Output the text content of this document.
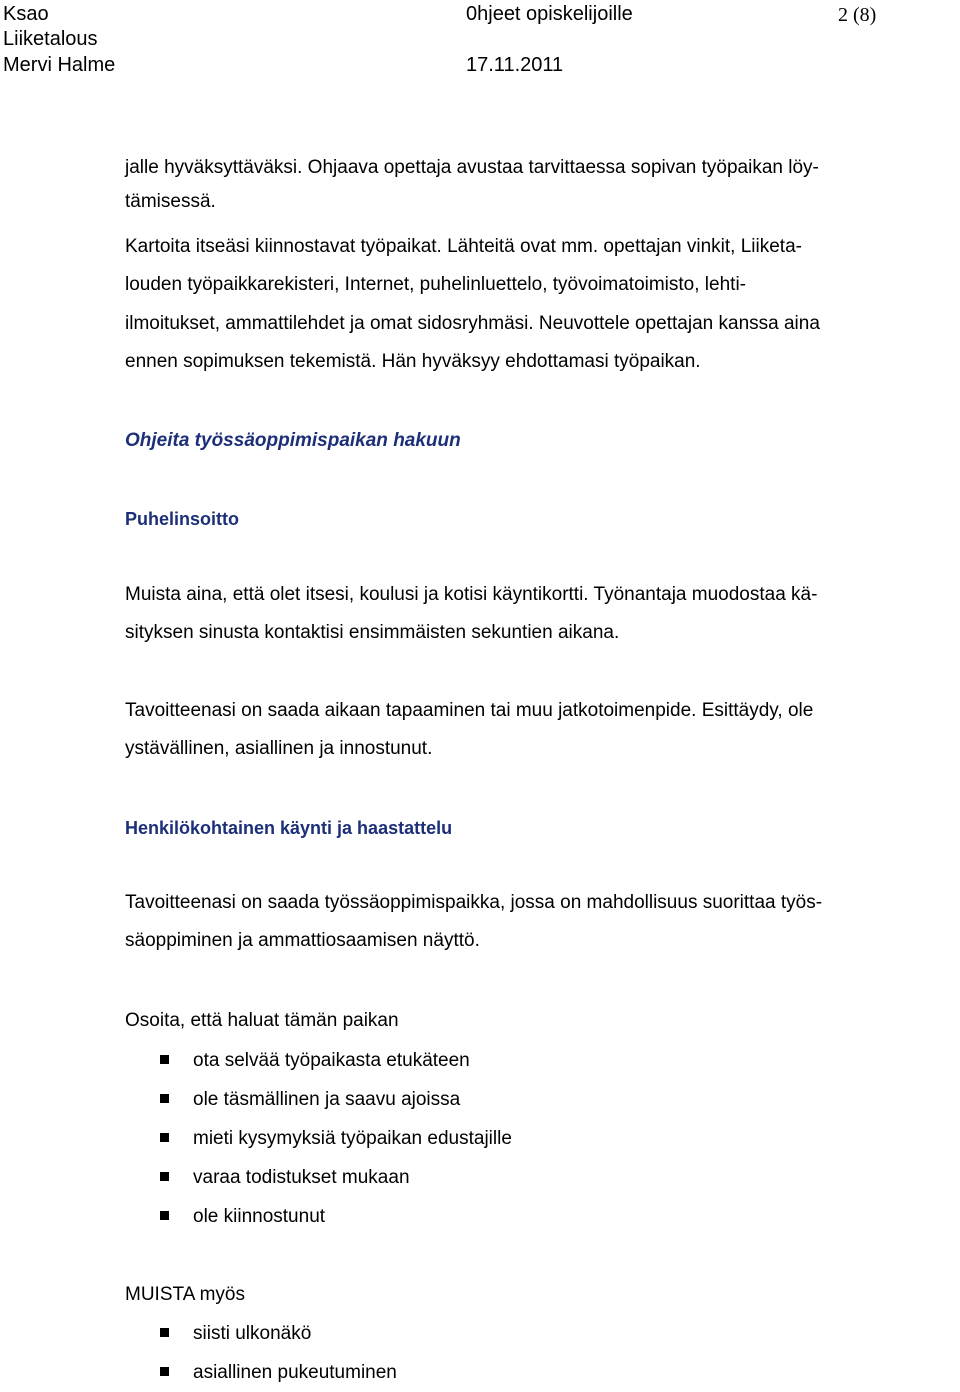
Ksao	0hjeet opiskelijoille	2 (8)
Liiketalous
Mervi Halme	17.11.2011
jalle hyväksyttäväksi. Ohjaava opettaja avustaa tarvittaessa sopivan työpaikan löy-
tämisessä.
Kartoita itseäsi kiinnostavat työpaikat. Lähteitä ovat mm. opettajan vinkit, Liiketa-
louden työpaikkarekisteri, Internet, puhelinluettelo, työvoimatoimisto, lehti-
ilmoitukset, ammattilehdet ja omat sidosryhmäsi. Neuvottele opettajan kanssa aina
ennen sopimuksen tekemistä. Hän hyväksyy ehdottamasi työpaikan.
Ohjeita työssäoppimispaikan hakuun
Puhelinsoitto
Muista aina, että olet itsesi, koulusi ja kotisi käyntikortti. Työnantaja muodostaa kä-
sityksen sinusta kontaktisi ensimmäisten sekuntien aikana.
Tavoitteenasi on saada aikaan tapaaminen tai muu jatkotoimenpide. Esittäydy, ole
ystävällinen, asiallinen ja innostunut.
Henkilökohtainen käynti ja haastattelu
Tavoitteenasi on saada työssäoppimispaikka, jossa on mahdollisuus suorittaa työs-
säoppiminen ja ammattiosaamisen näyttö.
Osoita, että haluat tämän paikan
ota selvää työpaikasta etukäteen
ole täsmällinen ja saavu ajoissa
mieti kysymyksiä työpaikan edustajille
varaa todistukset mukaan
ole kiinnostunut
MUISTA myös
siisti ulkonäkö
asiallinen pukeutuminen
